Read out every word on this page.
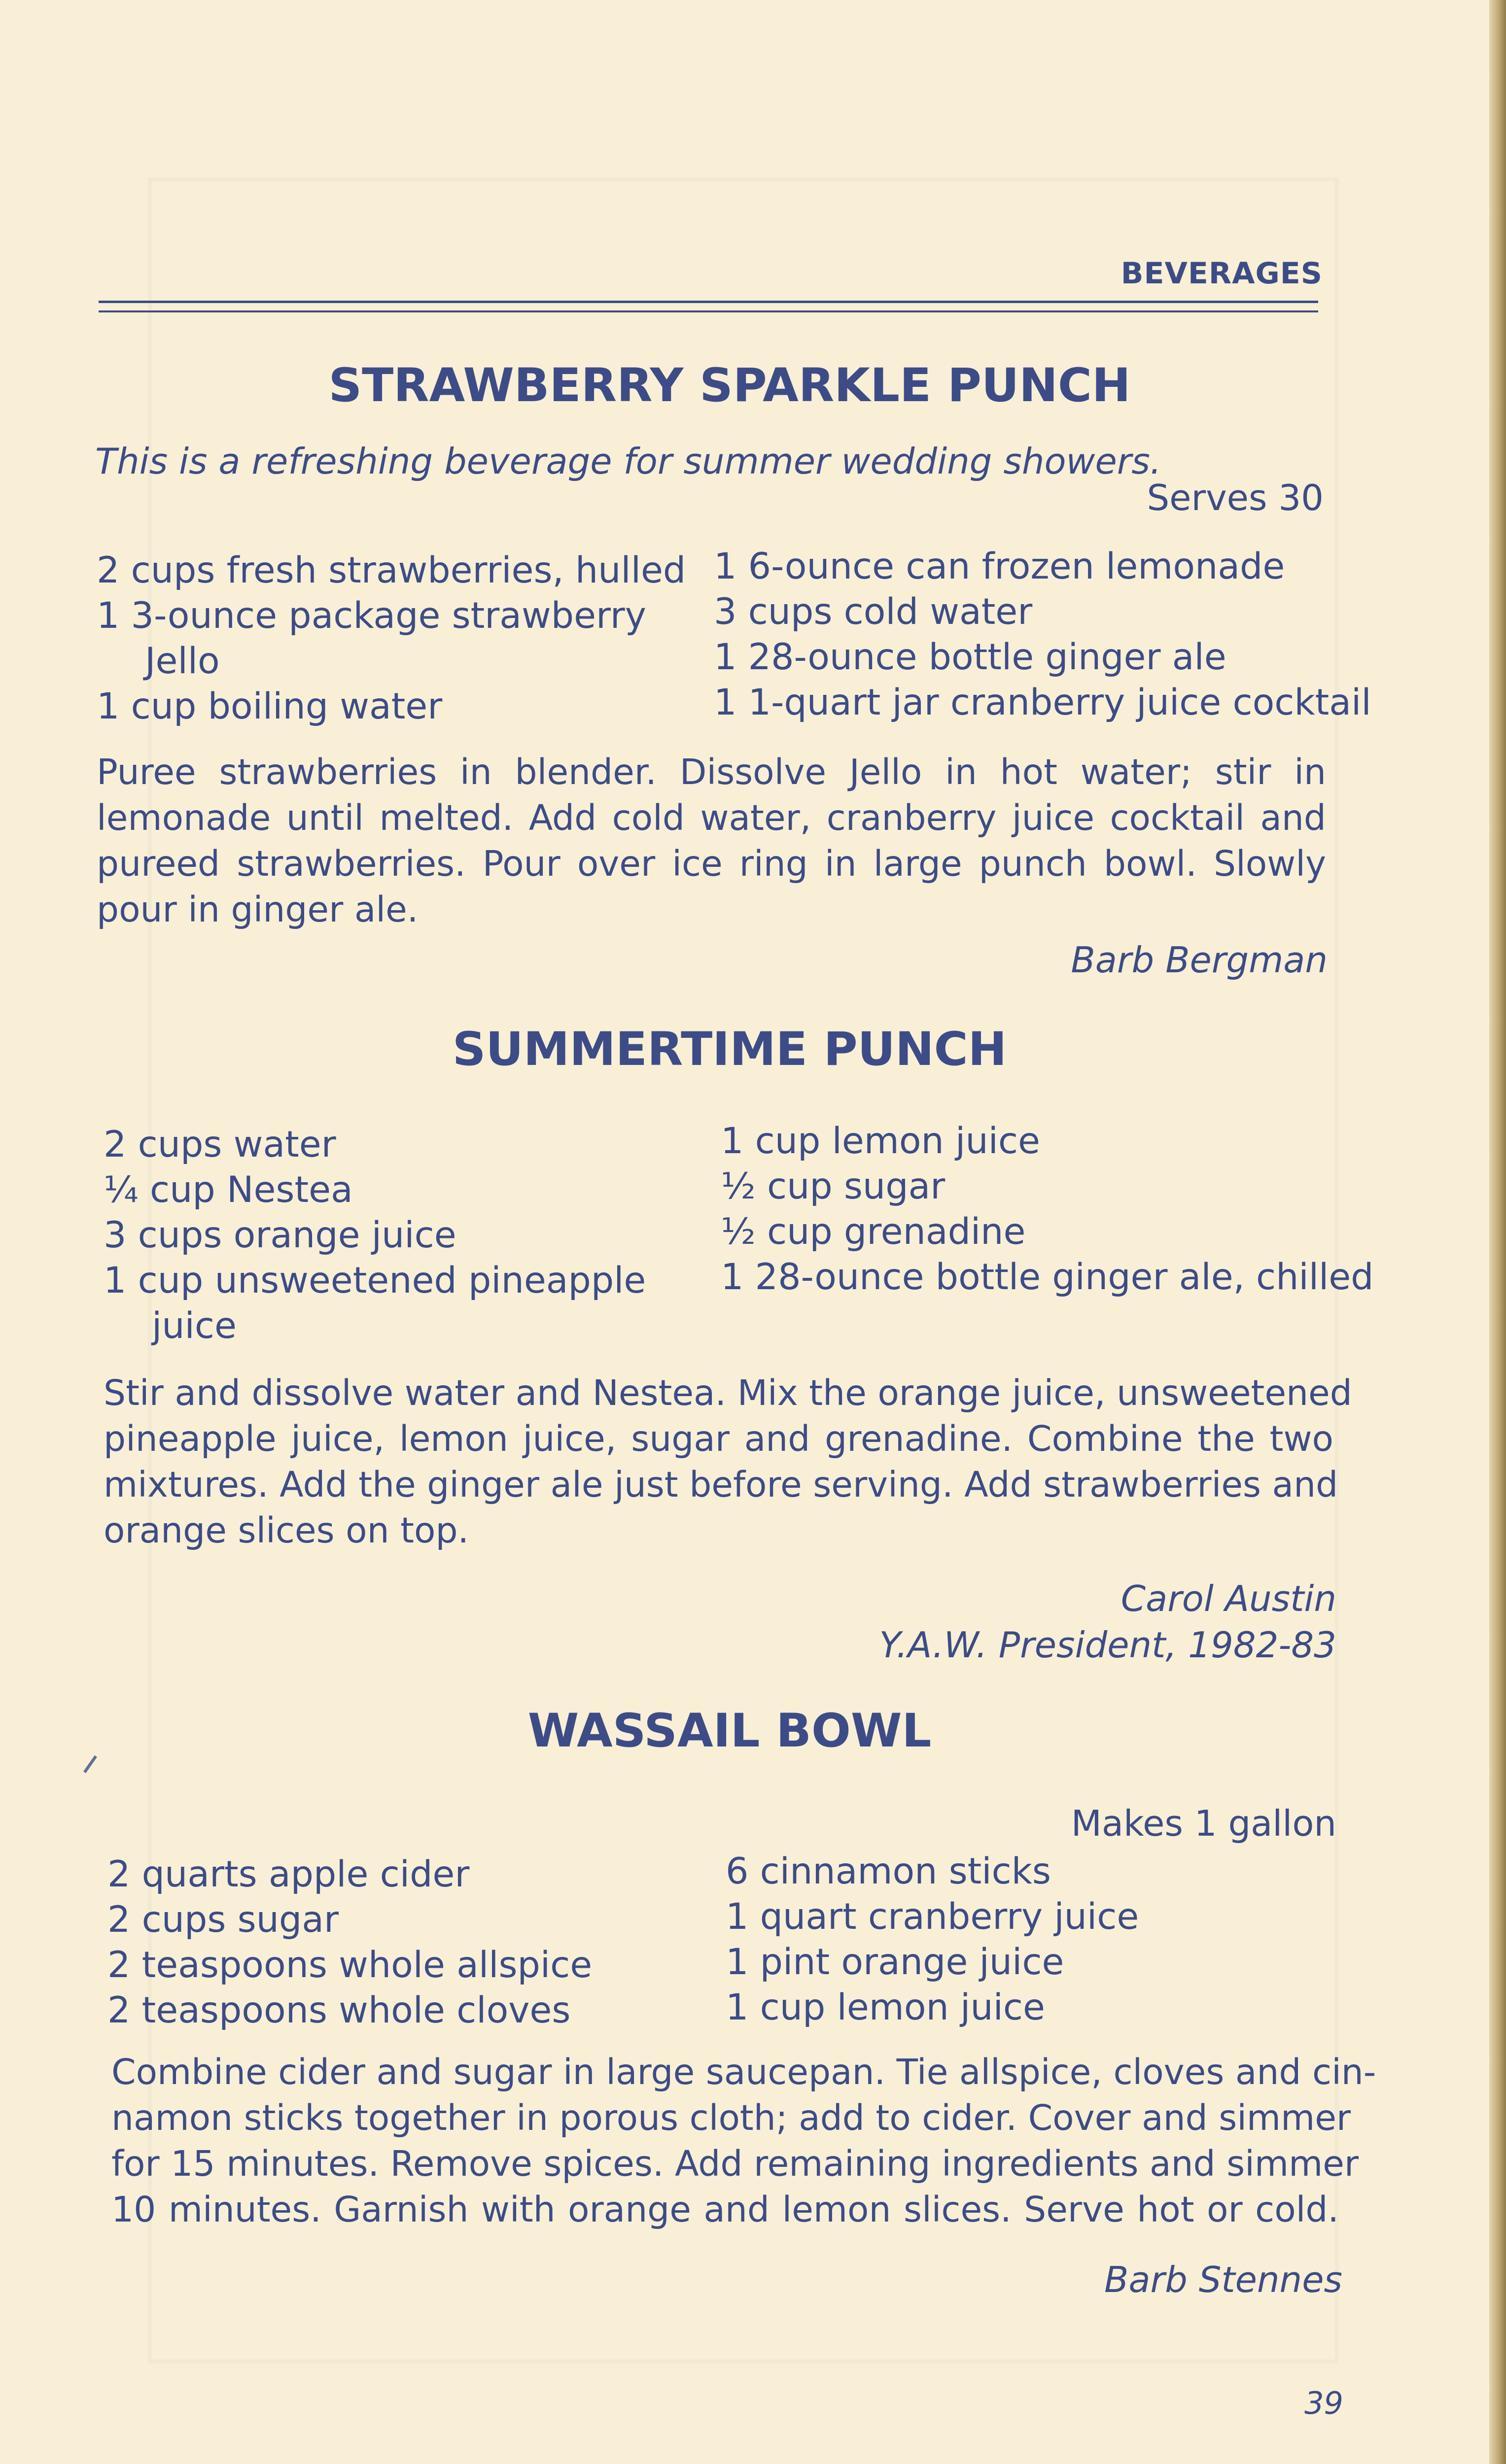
BEVERAGES
STRAWBERRY SPARKLE PUNCH
This is a refreshing beverage for summer wedding showers.
Serves 30
2 cups fresh strawberries, hulled
1 3-ounce package strawberry
Jello
1 cup boiling water
1 6-ounce can frozen lemonade
3 cups cold water
1 28-ounce bottle ginger ale
1 1-quart jar cranberry juice cocktail
Puree strawberries in blender. Dissolve Jello in hot water; stir in
lemonade until melted. Add cold water, cranberry juice cocktail and
pureed strawberries. Pour over ice ring in large punch bowl. Slowly
pour in ginger ale.
Barb Bergman
SUMMERTIME PUNCH
2 cups water
¼ cup Nestea
3 cups orange juice
1 cup unsweetened pineapple
juice
1 cup lemon juice
½ cup sugar
½ cup grenadine
1 28-ounce bottle ginger ale, chilled
Stir and dissolve water and Nestea. Mix the orange juice, unsweetened
pineapple juice, lemon juice, sugar and grenadine. Combine the two
mixtures. Add the ginger ale just before serving. Add strawberries and
orange slices on top.
Carol Austin
Y.A.W. President, 1982-83
WASSAIL BOWL
Makes 1 gallon
2 quarts apple cider
2 cups sugar
2 teaspoons whole allspice
2 teaspoons whole cloves
6 cinnamon sticks
1 quart cranberry juice
1 pint orange juice
1 cup lemon juice
Combine cider and sugar in large saucepan. Tie allspice, cloves and cin-
namon sticks together in porous cloth; add to cider. Cover and simmer
for 15 minutes. Remove spices. Add remaining ingredients and simmer
10 minutes. Garnish with orange and lemon slices. Serve hot or cold.
Barb Stennes
39
